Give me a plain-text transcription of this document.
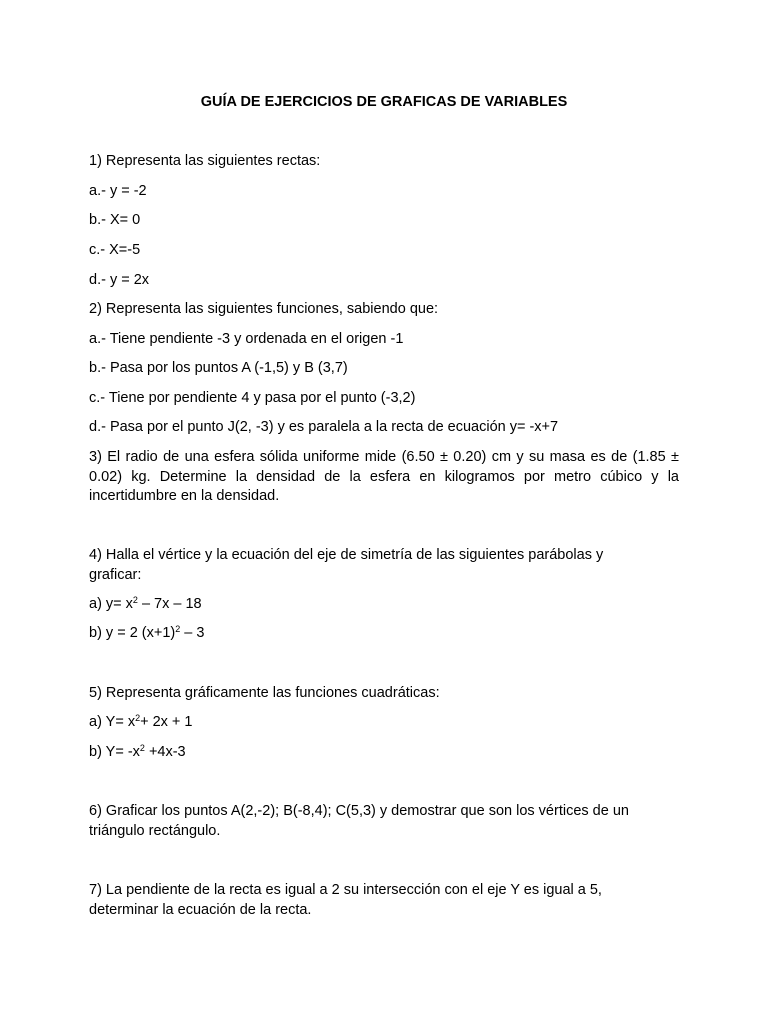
GUÍA DE EJERCICIOS DE GRAFICAS DE VARIABLES
1) Representa las siguientes rectas:
a.- y = -2
b.- X= 0
c.- X=-5
d.- y = 2x
2) Representa las siguientes funciones, sabiendo que:
a.- Tiene pendiente -3 y ordenada en el origen -1
b.- Pasa por los puntos A (-1,5) y B (3,7)
c.- Tiene por pendiente 4 y pasa por el punto (-3,2)
d.- Pasa por el punto J(2, -3) y es paralela a la recta de ecuación y= -x+7
3) El radio de una esfera sólida uniforme mide (6.50 ± 0.20) cm y su masa es de (1.85 ± 0.02) kg. Determine la densidad de la esfera en kilogramos por metro cúbico y la incertidumbre en la densidad.
4) Halla el vértice y la ecuación del eje de simetría de las siguientes parábolas y graficar:
a) $y= x^2 - 7x - 18$
b) y = 2 $(x+1)^2 - 3$
5) Representa gráficamente las funciones cuadráticas:
a) $Y= x^2+ 2x + 1$
b) $Y= -x^2 +4x-3$
6) Graficar los puntos A(2,-2); B(-8,4); C(5,3) y demostrar que son los vértices de un triángulo rectángulo.
7) La pendiente de la recta es igual a 2 su intersección con el eje Y es igual a 5, determinar la ecuación de la recta.
